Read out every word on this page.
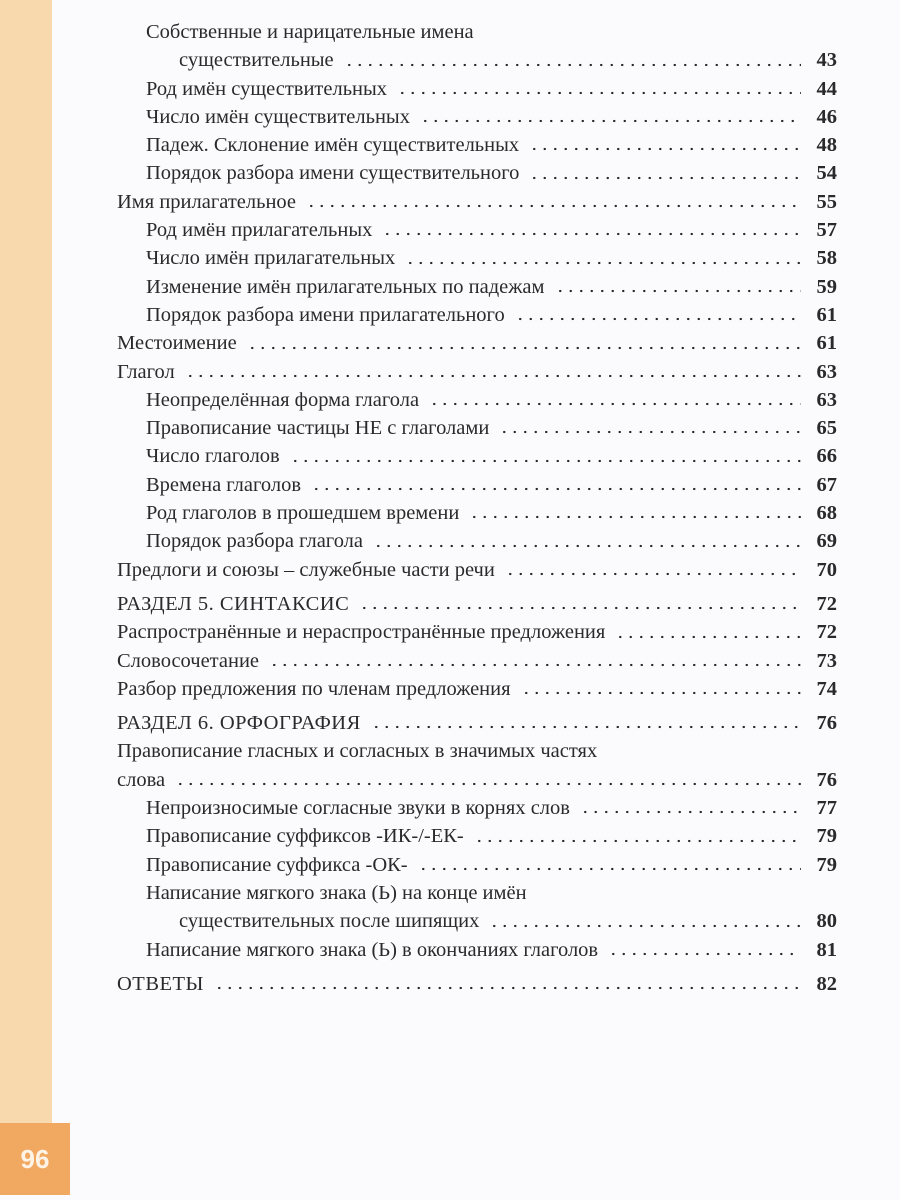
96
Собственные и нарицательные имена
существительные	43
Род имён существительных	44
Число имён существительных	46
Падеж. Склонение имён существительных	48
Порядок разбора имени существительного	54
Имя прилагательное	55
Род имён прилагательных	57
Число имён прилагательных	58
Изменение имён прилагательных по падежам	59
Порядок разбора имени прилагательного	61
Местоимение	61
Глагол	63
Неопределённая форма глагола	63
Правописание частицы НЕ с глаголами	65
Число глаголов	66
Времена глаголов	67
Род глаголов в прошедшем времени	68
Порядок разбора глагола	69
Предлоги и союзы – служебные части речи	70
РАЗДЕЛ 5. СИНТАКСИС	72
Распространённые и нераспространённые предложения	72
Словосочетание	73
Разбор предложения по членам предложения	74
РАЗДЕЛ 6. ОРФОГРАФИЯ	76
Правописание гласных и согласных в значимых частях
слова	76
Непроизносимые согласные звуки в корнях слов	77
Правописание суффиксов -ИК-/-ЕК-	79
Правописание суффикса -ОК-	79
Написание мягкого знака (Ь) на конце имён
существительных после шипящих	80
Написание мягкого знака (Ь) в окончаниях глаголов	81
ОТВЕТЫ	82
